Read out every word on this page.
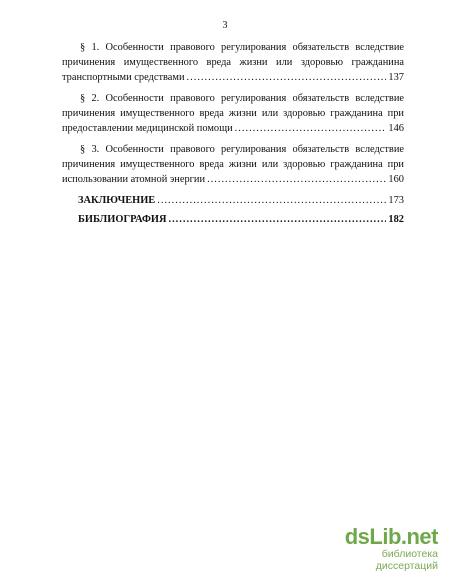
3
§ 1. Особенности правового регулирования обязательств вследствие
причинения имущественного вреда жизни или здоровью гражданина
транспортными средствами .....	137
§ 2. Особенности правового регулирования обязательств вследствие
причинения имущественного вреда жизни или здоровью гражданина при
предоставлении медицинской помощи .....	146
§ 3. Особенности правового регулирования обязательств вследствие
причинения имущественного вреда жизни или здоровью гражданина при
использовании атомной энергии .....	160
ЗАКЛЮЧЕНИЕ .....	173
БИБЛИОГРАФИЯ .....	182
dsLib.net
библиотека диссертаций
